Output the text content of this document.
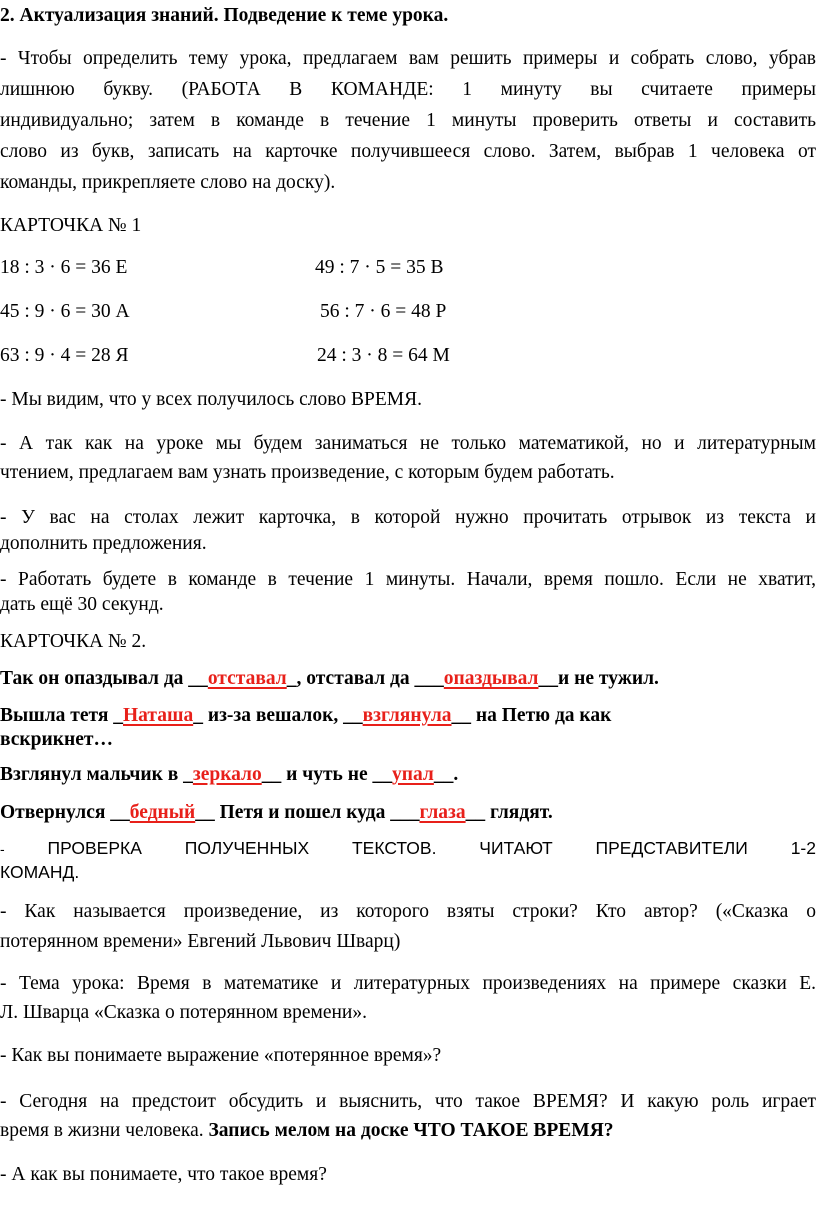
2. Актуализация знаний. Подведение к теме урока.
- Чтобы определить тему урока, предлагаем вам решить примеры и собрать слово, убрав
лишнюю букву. (РАБОТА В КОМАНДЕ: 1 минуту вы считаете примеры
индивидуально; затем в команде в течение 1 минуты проверить ответы и составить
слово из букв, записать на карточке получившееся слово. Затем, выбрав 1 человека от
команды, прикрепляете слово на доску).
КАРТОЧКА № 1
18 : 3 · 6 = 36 Е	49 : 7 · 5 = 35 В
45 : 9 · 6 = 30 А	56 : 7 · 6 = 48 Р
63 : 9 · 4 = 28 Я	24 : 3 · 8 = 64 М
- Мы видим, что у всех получилось слово ВРЕМЯ.
- А так как на уроке мы будем заниматься не только математикой, но и литературным
чтением, предлагаем вам узнать произведение, с которым будем работать.
- У вас на столах лежит карточка, в которой нужно прочитать отрывок из текста и
дополнить предложения.
- Работать будете в команде в течение 1 минуты. Начали, время пошло. Если не хватит,
дать ещё 30 секунд.
КАРТОЧКА № 2.
Так он опаздывал да __отставал_, отставал да ___опаздывал__и не тужил.
Вышла тетя _Наташа_ из-за вешалок, __взглянула__ на Петю да как
вскрикнет…
Взглянул мальчик в _зеркало__ и чуть не __упал__.
Отвернулся __бедный__ Петя и пошел куда ___глаза__ глядят.
- ПРОВЕРКА ПОЛУЧЕННЫХ ТЕКСТОВ. ЧИТАЮТ ПРЕДСТАВИТЕЛИ 1-2
КОМАНД.
- Как называется произведение, из которого взяты строки? Кто автор? («Сказка о
потерянном времени» Евгений Львович Шварц)
- Тема урока: Время в математике и литературных произведениях на примере сказки Е.
Л. Шварца «Сказка о потерянном времени».
- Как вы понимаете выражение «потерянное время»?
- Сегодня на предстоит обсудить и выяснить, что такое ВРЕМЯ? И какую роль играет
время в жизни человека. Запись мелом на доске ЧТО ТАКОЕ ВРЕМЯ?
- А как вы понимаете, что такое время?
